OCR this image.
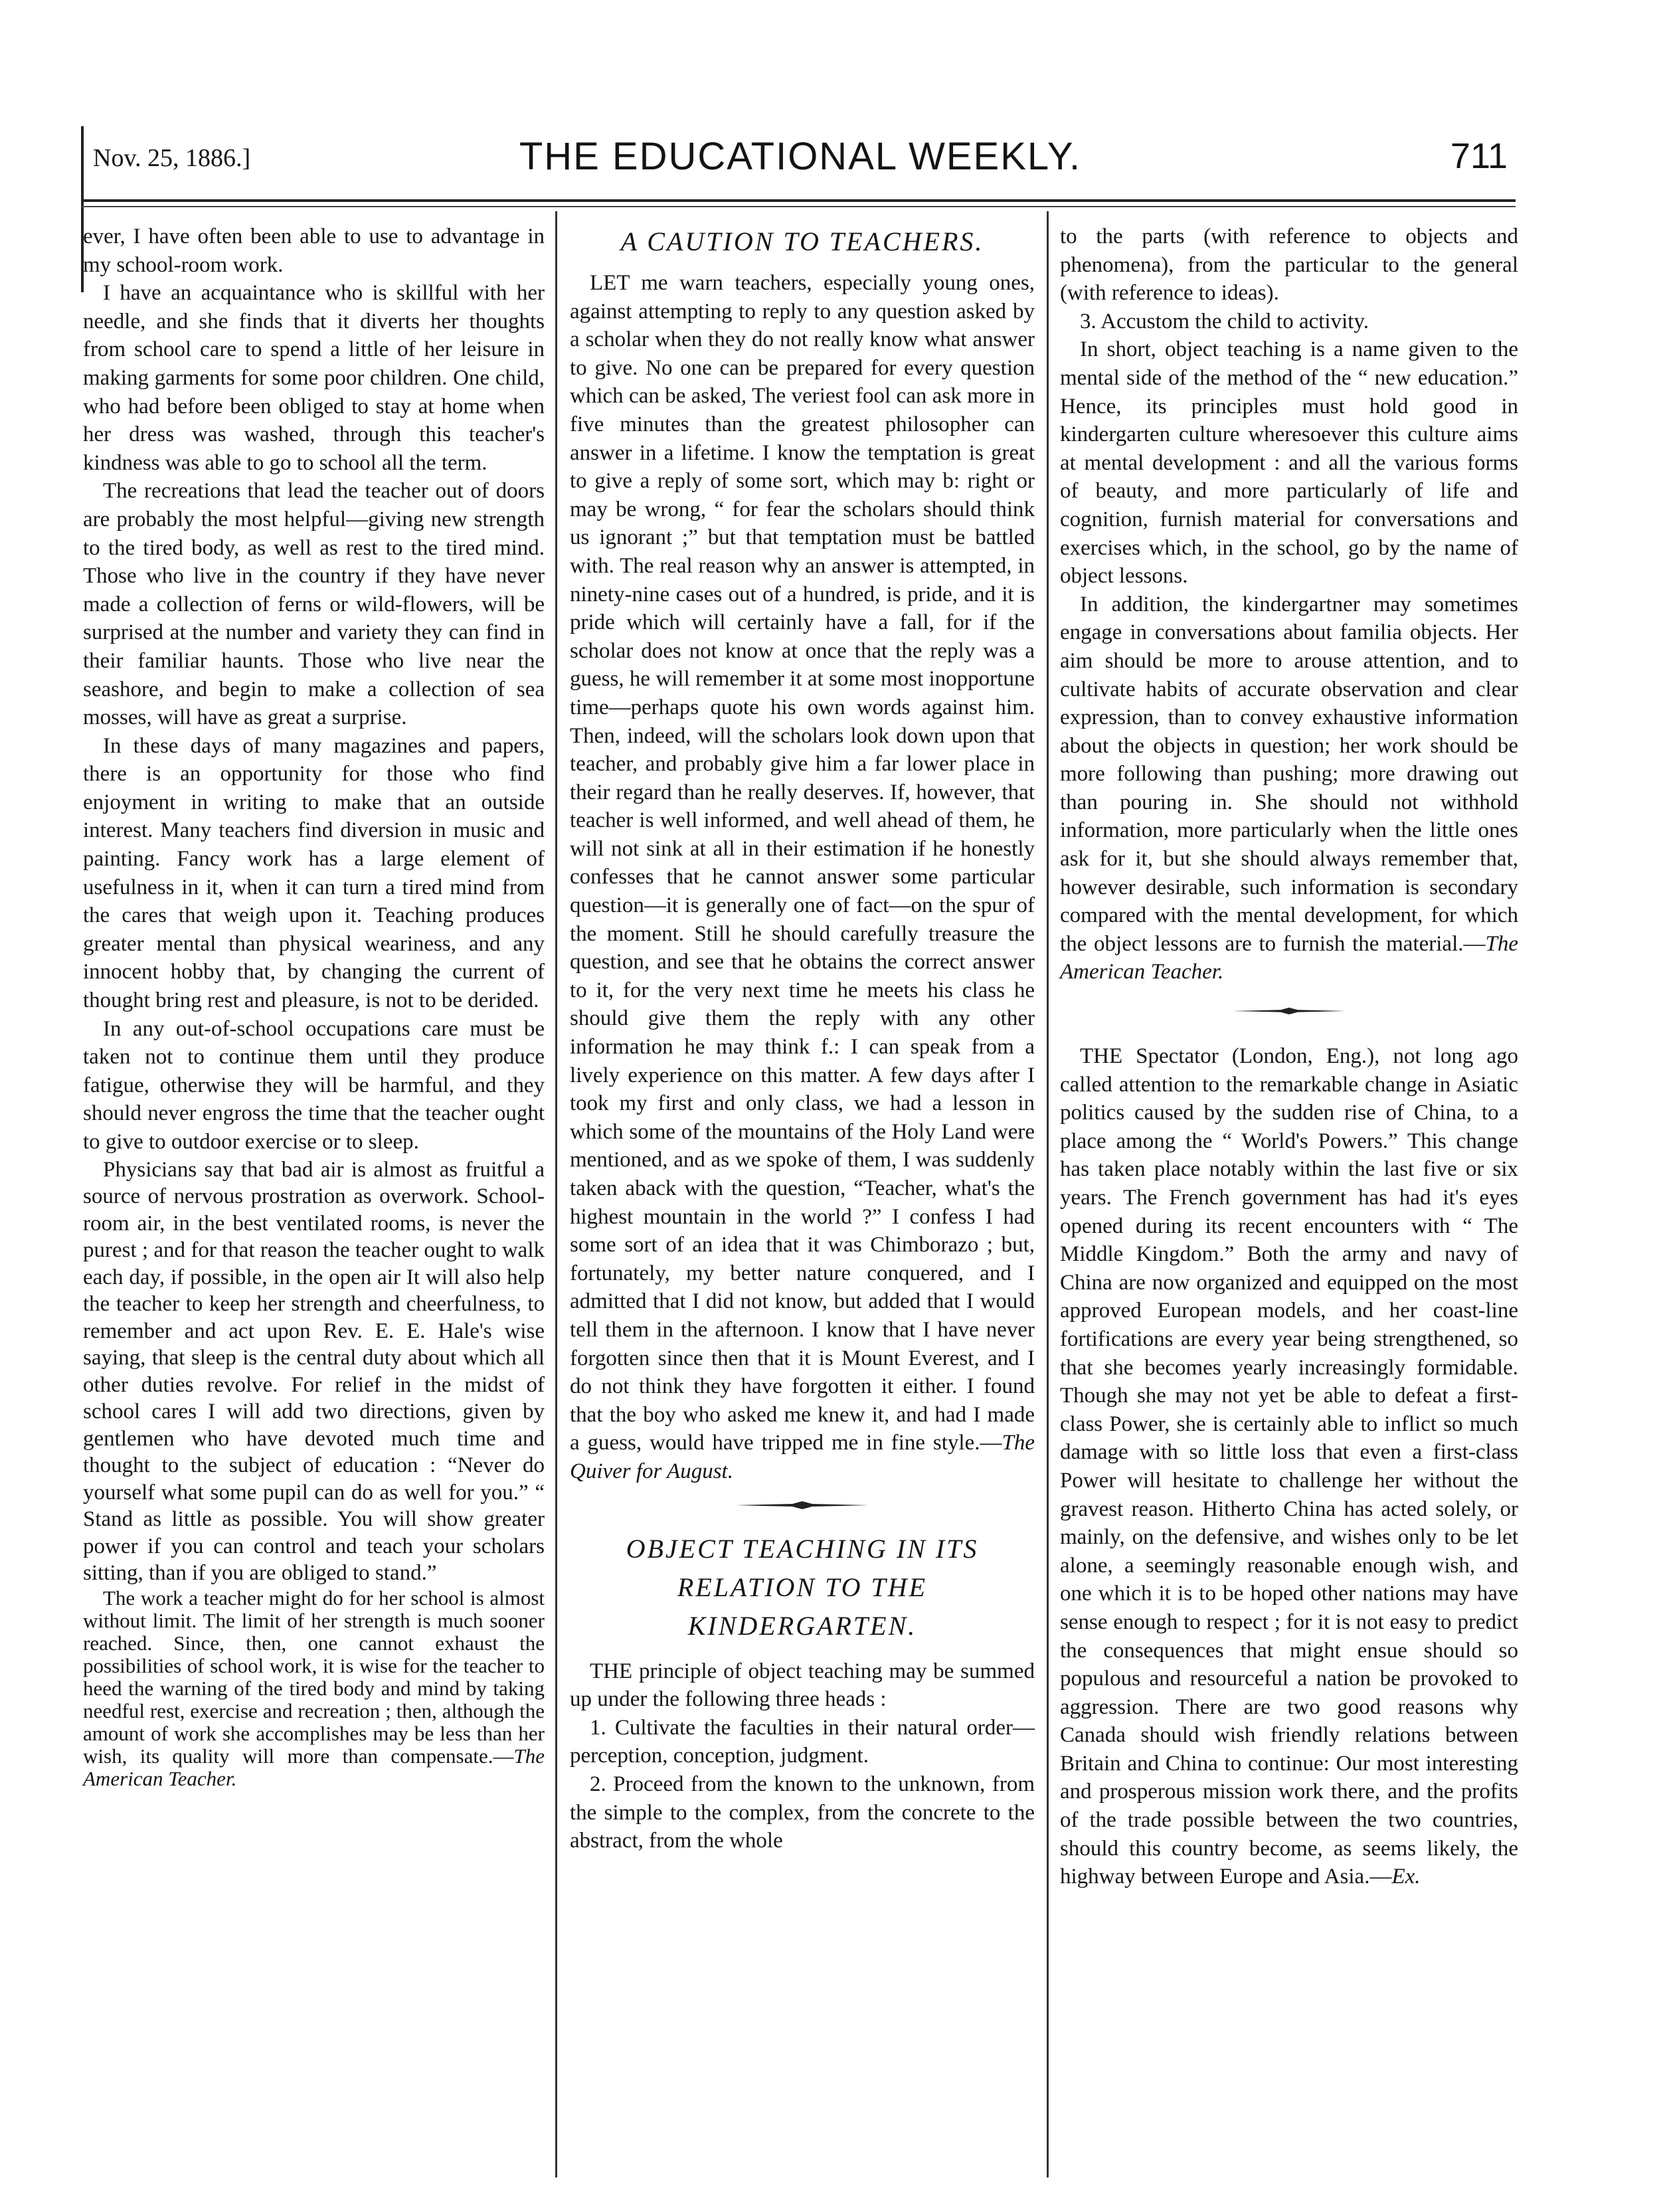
Nov. 25, 1886.]	THE EDUCATIONAL WEEKLY.	711

ever, I have often been able to use to advantage in my school-room work.

I have an acquaintance who is skillful with her needle, and she finds that it diverts her thoughts from school care to spend a little of her leisure in making garments for some poor children. One child, who had before been obliged to stay at home when her dress was washed, through this teacher's kindness was able to go to school all the term.

The recreations that lead the teacher out of doors are probably the most helpful—giving new strength to the tired body, as well as rest to the tired mind. Those who live in the country if they have never made a collection of ferns or wild-flowers, will be surprised at the number and variety they can find in their familiar haunts. Those who live near the seashore, and begin to make a collection of sea mosses, will have as great a surprise.

In these days of many magazines and papers, there is an opportunity for those who find enjoyment in writing to make that an outside interest. Many teachers find diversion in music and painting. Fancy work has a large element of usefulness in it, when it can turn a tired mind from the cares that weigh upon it. Teaching produces greater mental than physical weariness, and any innocent hobby that, by changing the current of thought bring rest and pleasure, is not to be derided.

In any out-of-school occupations care must be taken not to continue them until they produce fatigue, otherwise they will be harmful, and they should never engross the time that the teacher ought to give to outdoor exercise or to sleep.

Physicians say that bad air is almost as fruitful a source of nervous prostration as overwork. School-room air, in the best ventilated rooms, is never the purest ; and for that reason the teacher ought to walk each day, if possible, in the open air It will also help the teacher to keep her strength and cheerfulness, to remember and act upon Rev. E. E. Hale's wise saying, that sleep is the central duty about which all other duties revolve. For relief in the midst of school cares I will add two directions, given by gentlemen who have devoted much time and thought to the subject of education : “Never do yourself what some pupil can do as well for you.” “ Stand as little as possible. You will show greater power if you can control and teach your scholars sitting, than if you are obliged to stand.”

The work a teacher might do for her school is almost without limit. The limit of her strength is much sooner reached. Since, then, one cannot exhaust the possibilities of school work, it is wise for the teacher to heed the warning of the tired body and mind by taking needful rest, exercise and recreation ; then, although the amount of work she accomplishes may be less than her wish, its quality will more than compensate.—The American Teacher.

A CAUTION TO TEACHERS.

LET me warn teachers, especially young ones, against attempting to reply to any question asked by a scholar when they do not really know what answer to give. No one can be prepared for every question which can be asked, The veriest fool can ask more in five minutes than the greatest philosopher can answer in a lifetime. I know the temptation is great to give a reply of some sort, which may b: right or may be wrong, “ for fear the scholars should think us ignorant ;” but that temptation must be battled with. The real reason why an answer is attempted, in ninety-nine cases out of a hundred, is pride, and it is pride which will certainly have a fall, for if the scholar does not know at once that the reply was a guess, he will remember it at some most inopportune time—perhaps quote his own words against him. Then, indeed, will the scholars look down upon that teacher, and probably give him a far lower place in their regard than he really deserves. If, however, that teacher is well informed, and well ahead of them, he will not sink at all in their estimation if he honestly confesses that he cannot answer some particular question—it is generally one of fact—on the spur of the moment. Still he should carefully treasure the question, and see that he obtains the correct answer to it, for the very next time he meets his class he should give them the reply with any other information he may think f.: I can speak from a lively experience on this matter. A few days after I took my first and only class, we had a lesson in which some of the mountains of the Holy Land were mentioned, and as we spoke of them, I was suddenly taken aback with the question, “Teacher, what's the highest mountain in the world ?” I confess I had some sort of an idea that it was Chimborazo ; but, fortunately, my better nature conquered, and I admitted that I did not know, but added that I would tell them in the afternoon. I know that I have never forgotten since then that it is Mount Everest, and I do not think they have forgotten it either. I found that the boy who asked me knew it, and had I made a guess, would have tripped me in fine style.—The Quiver for August.

OBJECT TEACHING IN ITS RELATION TO THE KINDERGARTEN.

THE principle of object teaching may be summed up under the following three heads :

1. Cultivate the faculties in their natural order—perception, conception, judgment.

2. Proceed from the known to the unknown, from the simple to the complex, from the concrete to the abstract, from the whole

to the parts (with reference to objects and phenomena), from the particular to the general (with reference to ideas).

3. Accustom the child to activity.

In short, object teaching is a name given to the mental side of the method of the “ new education.” Hence, its principles must hold good in kindergarten culture wheresoever this culture aims at mental development : and all the various forms of beauty, and more particularly of life and cognition, furnish material for conversations and exercises which, in the school, go by the name of object lessons.

In addition, the kindergartner may sometimes engage in conversations about familia objects. Her aim should be more to arouse attention, and to cultivate habits of accurate observation and clear expression, than to convey exhaustive information about the objects in question; her work should be more following than pushing; more drawing out than pouring in. She should not withhold information, more particularly when the little ones ask for it, but she should always remember that, however desirable, such information is secondary compared with the mental development, for which the object lessons are to furnish the material.—The American Teacher.

THE Spectator (London, Eng.), not long ago called attention to the remarkable change in Asiatic politics caused by the sudden rise of China, to a place among the “ World's Powers.” This change has taken place notably within the last five or six years. The French government has had it's eyes opened during its recent encounters with “ The Middle Kingdom.” Both the army and navy of China are now organized and equipped on the most approved European models, and her coast-line fortifications are every year being strengthened, so that she becomes yearly increasingly formidable. Though she may not yet be able to defeat a first-class Power, she is certainly able to inflict so much damage with so little loss that even a first-class Power will hesitate to challenge her without the gravest reason. Hitherto China has acted solely, or mainly, on the defensive, and wishes only to be let alone, a seemingly reasonable enough wish, and one which it is to be hoped other nations may have sense enough to respect ; for it is not easy to predict the consequences that might ensue should so populous and resourceful a nation be provoked to aggression. There are two good reasons why Canada should wish friendly relations between Britain and China to continue: Our most interesting and prosperous mission work there, and the profits of the trade possible between the two countries, should this country become, as seems likely, the highway between Europe and Asia.—Ex.
